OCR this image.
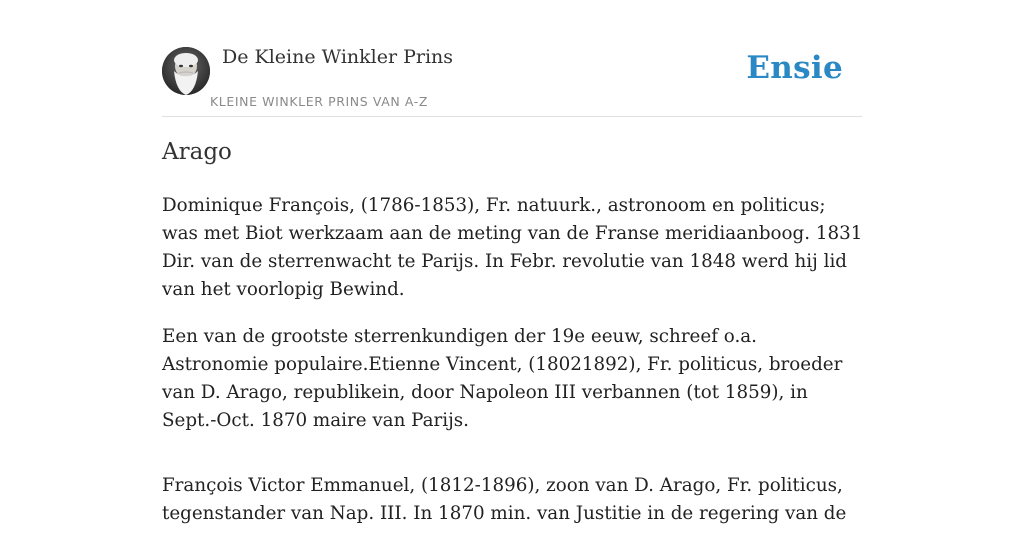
De Kleine Winkler Prins
KLEINE WINKLER PRINS VAN A-Z
Ensie
Arago

Dominique François, (1786-1853), Fr. natuurk., astronoom en politicus; was met Biot werkzaam aan de meting van de Franse meridiaanboog. 1831 Dir. van de sterrenwacht te Parijs. In Febr. revolutie van 1848 werd hij lid van het voorlopig Bewind.

Een van de grootste sterrenkundigen der 19e eeuw, schreef o.a. Astronomie populaire.Etienne Vincent, (18021892), Fr. politicus, broeder van D. Arago, republikein, door Napoleon III verbannen (tot 1859), in Sept.-Oct. 1870 maire van Parijs.

François Victor Emmanuel, (1812-1896), zoon van D. Arago, Fr. politicus, tegenstander van Nap. III. In 1870 min. van Justitie in de regering van de
